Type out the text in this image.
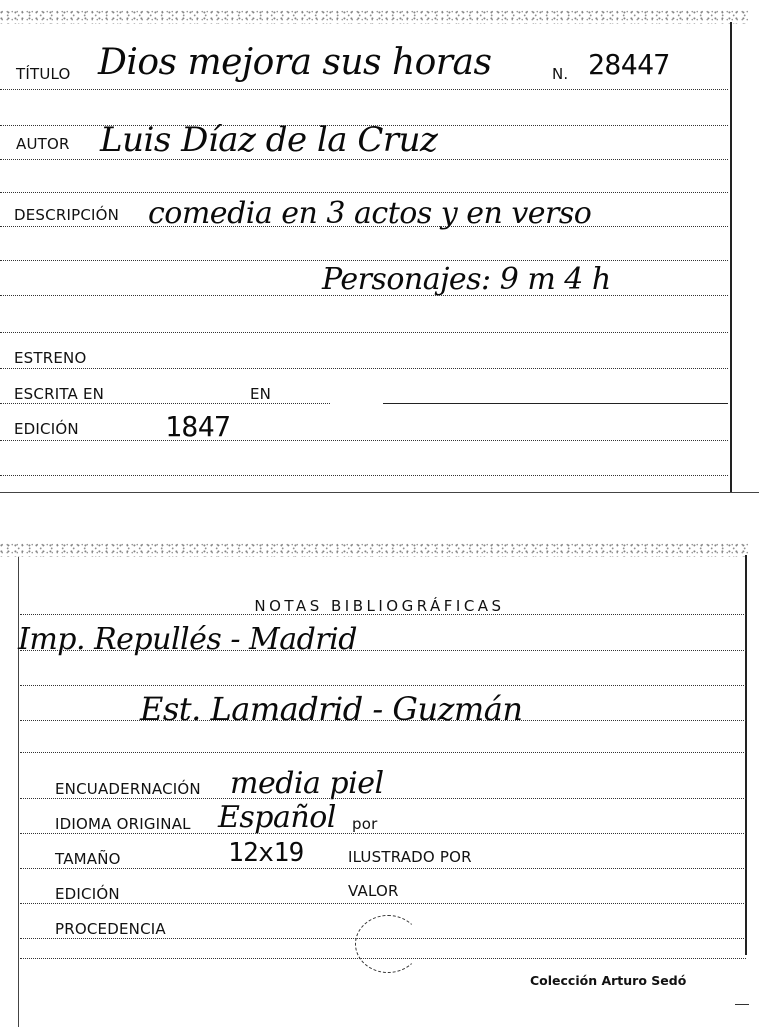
TÍTULO Dios mejora sus horas	N. 28447
AUTOR Luis Díaz de la Cruz
DESCRIPCIÓN comedia en 3 actos y en verso
Personajes: 9 m 4 h
ESTRENO
ESCRITA EN	EN
EDICIÓN	1847
NOTAS BIBLIOGRÁFICAS
Imp. Repullés - Madrid
Est. Lamadrid - Guzmán
ENCUADERNACIÓN media piel
IDIOMA ORIGINAL Español por
TAMAÑO	12x19	ILUSTRADO POR
EDICIÓN	VALOR
PROCEDENCIA
Colección Arturo Sedó
